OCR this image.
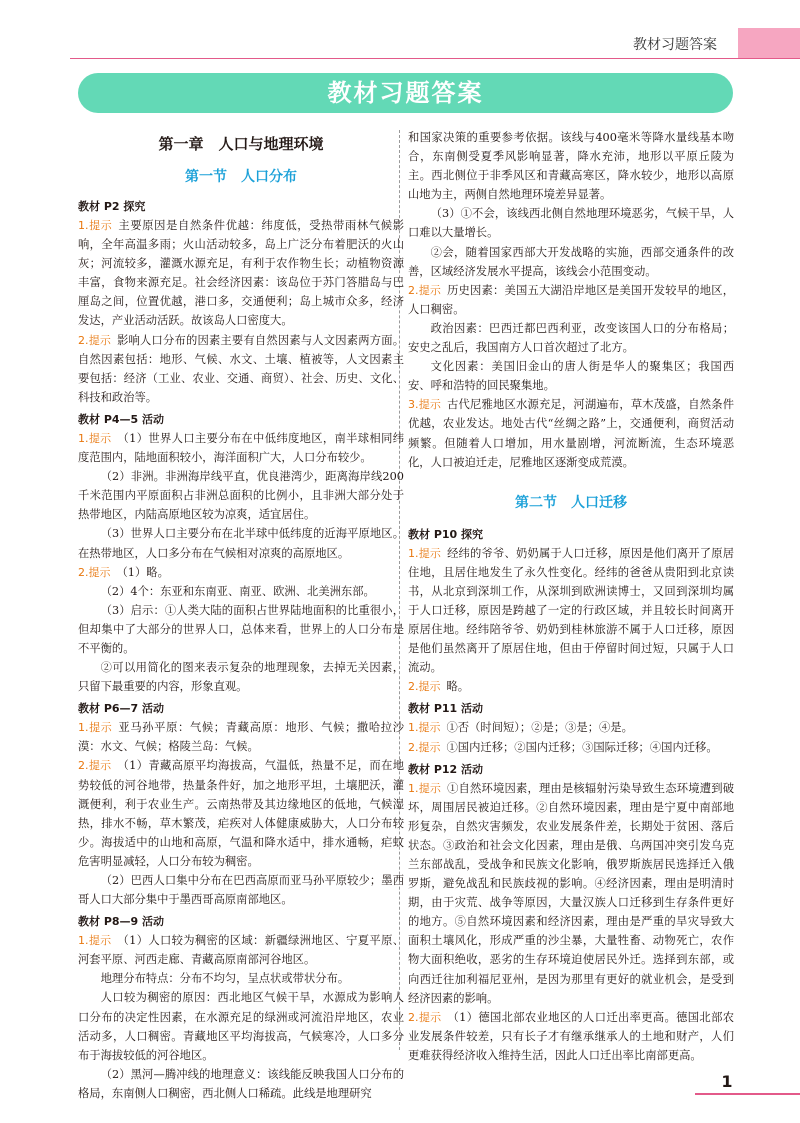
教材习题答案
教材习题答案
第一章　人口与地理环境
第一节　人口分布
教材 P2 探究

1.提示 主要原因是自然条件优越：纬度低，受热带雨林气候影响，全年高温多雨；火山活动较多，岛上广泛分布着肥沃的火山灰；河流较多，灌溉水源充足，有利于农作物生长；动植物资源丰富，食物来源充足。社会经济因素：该岛位于苏门答腊岛与巴厘岛之间，位置优越，港口多，交通便利；岛上城市众多，经济发达，产业活动活跃。故该岛人口密度大。

2.提示 影响人口分布的因素主要有自然因素与人文因素两方面。自然因素包括：地形、气候、水文、土壤、植被等，人文因素主要包括：经济（工业、农业、交通、商贸）、社会、历史、文化、科技和政治等。

教材 P4—5 活动

1.提示 （1）世界人口主要分布在中低纬度地区，南半球相同纬度范围内，陆地面积较小，海洋面积广大，人口分布较少。

（2）非洲。非洲海岸线平直，优良港湾少，距离海岸线200千米范围内平原面积占非洲总面积的比例小，且非洲大部分处于热带地区，内陆高原地区较为凉爽，适宜居住。

（3）世界人口主要分布在北半球中低纬度的近海平原地区。在热带地区，人口多分布在气候相对凉爽的高原地区。

2.提示 （1）略。

（2）4个：东亚和东南亚、南亚、欧洲、北美洲东部。

（3）启示：①人类大陆的面积占世界陆地面积的比重很小，但却集中了大部分的世界人口，总体来看，世界上的人口分布是不平衡的。

②可以用简化的图来表示复杂的地理现象，去掉无关因素，只留下最重要的内容，形象直观。

教材 P6—7 活动

1.提示 亚马孙平原：气候；青藏高原：地形、气候；撒哈拉沙漠：水文、气候；格陵兰岛：气候。

2.提示 （1）青藏高原平均海拔高，气温低，热量不足，而在地势较低的河谷地带，热量条件好，加之地形平坦，土壤肥沃，灌溉便利，利于农业生产。云南热带及其边缘地区的低地，气候湿热，排水不畅，草木繁茂，疟疾对人体健康威胁大，人口分布较少。海拔适中的山地和高原，气温和降水适中，排水通畅，疟蚊危害明显减轻，人口分布较为稠密。

（2）巴西人口集中分布在巴西高原而亚马孙平原较少；墨西哥人口大部分集中于墨西哥高原南部地区。

教材 P8—9 活动

1.提示 （1）人口较为稠密的区域：新疆绿洲地区、宁夏平原、河套平原、河西走廊、青藏高原南部河谷地区。

地理分布特点：分布不均匀，呈点状或带状分布。

人口较为稠密的原因：西北地区气候干旱，水源成为影响人口分布的决定性因素，在水源充足的绿洲或河流沿岸地区，农业活动多，人口稠密。青藏地区平均海拔高，气候寒冷，人口多分布于海拔较低的河谷地区。

（2）黑河—腾冲线的地理意义：该线能反映我国人口分布的格局，东南侧人口稠密，西北侧人口稀疏。此线是地理研究

和国家决策的重要参考依据。该线与400毫米等降水量线基本吻合，东南侧受夏季风影响显著，降水充沛，地形以平原丘陵为主。西北侧位于非季风区和青藏高寒区，降水较少，地形以高原山地为主，两侧自然地理环境差异显著。

（3）①不会，该线西北侧自然地理环境恶劣，气候干旱，人口难以大量增长。

②会，随着国家西部大开发战略的实施，西部交通条件的改善，区域经济发展水平提高，该线会小范围变动。

2.提示 历史因素：美国五大湖沿岸地区是美国开发较早的地区，人口稠密。

政治因素：巴西迁都巴西利亚，改变该国人口的分布格局；安史之乱后，我国南方人口首次超过了北方。

文化因素：美国旧金山的唐人街是华人的聚集区；我国西安、呼和浩特的回民聚集地。

3.提示 古代尼雅地区水源充足，河湖遍布，草木茂盛，自然条件优越，农业发达。地处古代“丝绸之路”上，交通便利，商贸活动频繁。但随着人口增加，用水量剧增，河流断流，生态环境恶化，人口被迫迁走，尼雅地区逐渐变成荒漠。

第二节　人口迁移
教材 P10 探究

1.提示 经纬的爷爷、奶奶属于人口迁移，原因是他们离开了原居住地，且居住地发生了永久性变化。经纬的爸爸从贵阳到北京读书，从北京到深圳工作，从深圳到欧洲读博士，又回到深圳均属于人口迁移，原因是跨越了一定的行政区域，并且较长时间离开原居住地。经纬陪爷爷、奶奶到桂林旅游不属于人口迁移，原因是他们虽然离开了原居住地，但由于停留时间过短，只属于人口流动。

2.提示 略。

教材 P11 活动

1.提示 ①否（时间短）；②是；③是；④是。

2.提示 ①国内迁移；②国内迁移；③国际迁移；④国内迁移。

教材 P12 活动

1.提示 ①自然环境因素，理由是核辐射污染导致生态环境遭到破坏，周围居民被迫迁移。②自然环境因素，理由是宁夏中南部地形复杂，自然灾害频发，农业发展条件差，长期处于贫困、落后状态。③政治和社会文化因素，理由是俄、乌两国冲突引发乌克兰东部战乱，受战争和民族文化影响，俄罗斯族居民选择迁入俄罗斯，避免战乱和民族歧视的影响。④经济因素，理由是明清时期，由于灾荒、战争等原因，大量汉族人口迁移到生存条件更好的地方。⑤自然环境因素和经济因素，理由是严重的旱灾导致大面积土壤风化，形成严重的沙尘暴，大量牲畜、动物死亡，农作物大面积绝收，恶劣的生存环境迫使居民外迁。选择到东部，或向西迁往加利福尼亚州，是因为那里有更好的就业机会，是受到经济因素的影响。

2.提示 （1）德国北部农业地区的人口迁出率更高。德国北部农业发展条件较差，只有长子才有继承继承人的土地和财产，人们更难获得经济收入维持生活，因此人口迁出率比南部更高。

1
